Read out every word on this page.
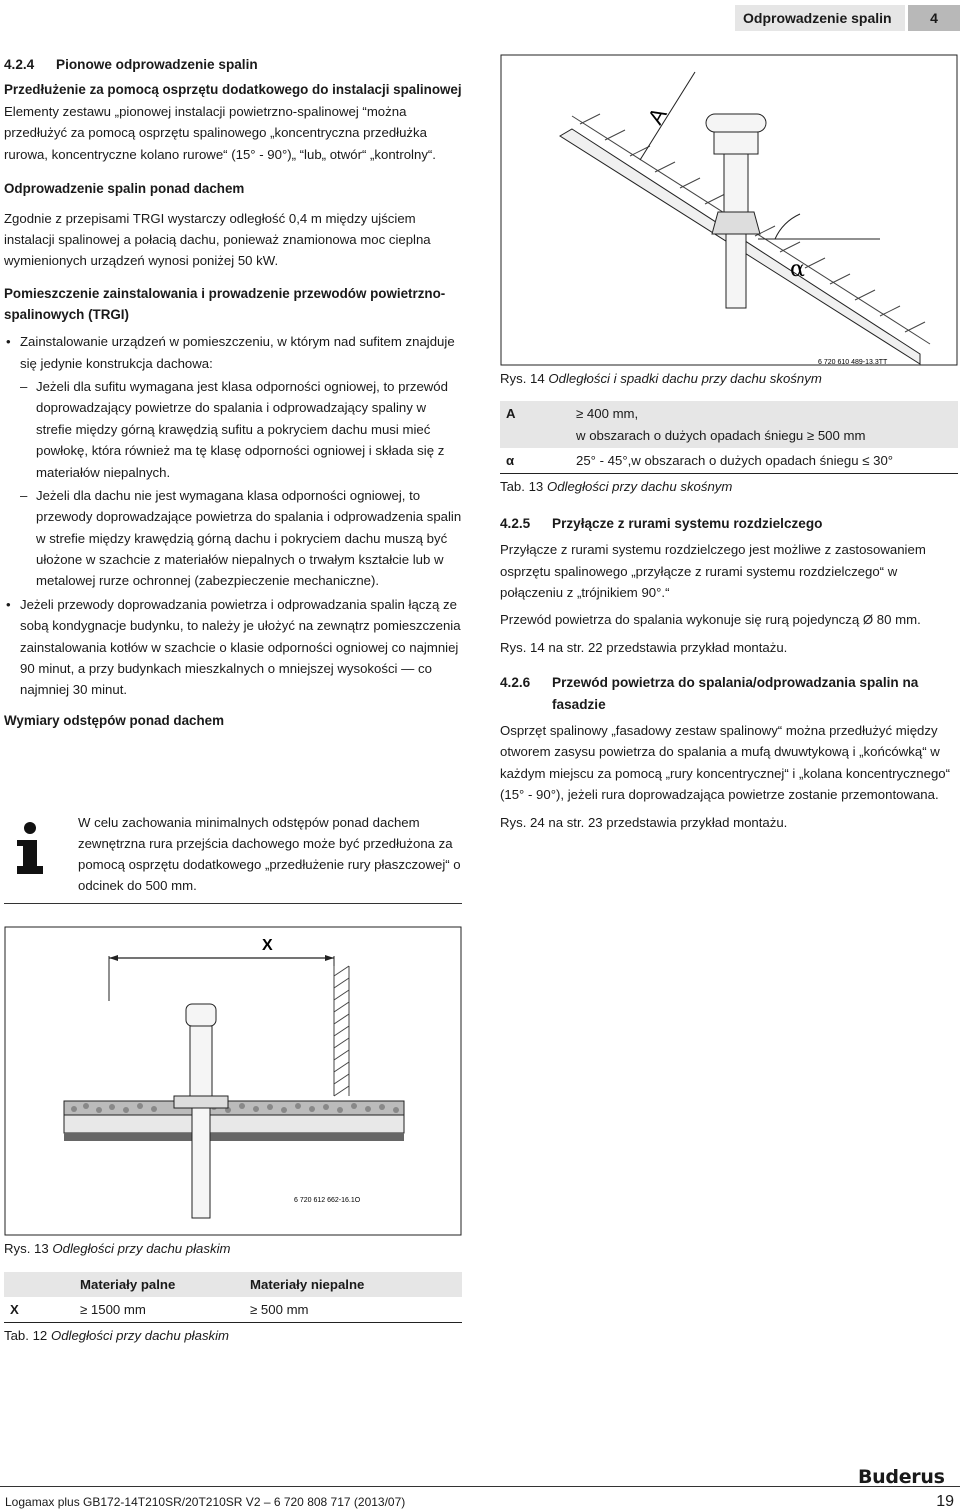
Odprowadzenie spalin	4
4.2.4 Pionowe odprowadzenie spalin
Przedłużenie za pomocą osprzętu dodatkowego do instalacji spalinowej

Elementy zestawu „pionowej instalacji powietrzno-spalinowej “można przedłużyć za pomocą osprzętu spalinowego „koncentryczna przedłużka rurowa, koncentryczne kolano rurowe“ (15° - 90°)„ “lub„ otwór“ „kontrolny“.

Odprowadzenie spalin ponad dachem

Zgodnie z przepisami TRGI wystarczy odległość 0,4 m między ujściem instalacji spalinowej a połacią dachu, ponieważ znamionowa moc cieplna wymienionych urządzeń wynosi poniżej 50 kW.

Pomieszczenie zainstalowania i prowadzenie przewodów powietrzno-spalinowych (TRGI)
• Zainstalowanie urządzeń w pomieszczeniu, w którym nad sufitem znajduje się jedynie konstrukcja dachowa:
– Jeżeli dla sufitu wymagana jest klasa odporności ogniowej, to przewód doprowadzający powietrze do spalania i odprowadzający spaliny w strefie między górną krawędzią sufitu a pokryciem dachu musi mieć powłokę, która również ma tę klasę odporności ogniowej i składa się z materiałów niepalnych.
– Jeżeli dla dachu nie jest wymagana klasa odporności ogniowej, to przewody doprowadzające powietrza do spalania i odprowadzenia spalin w strefie między krawędzią górną dachu i pokryciem dachu muszą być ułożone w szachcie z materiałów niepalnych o trwałym kształcie lub w metalowej rurze ochronnej (zabezpieczenie mechaniczne).
• Jeżeli przewody doprowadzania powietrza i odprowadzania spalin łączą ze sobą kondygnacje budynku, to należy je ułożyć na zewnątrz pomieszczenia zainstalowania kotłów w szachcie o klasie odporności ogniowej co najmniej 90 minut, a przy budynkach mieszkalnych o mniejszej wysokości — co najmniej 30 minut.
Wymiary odstępów ponad dachem
W celu zachowania minimalnych odstępów ponad dachem zewnętrzna rura przejścia dachowego może być przedłużona za pomocą osprzętu dodatkowego „przedłużenie rury płaszczowej“ o odcinek do 500 mm.
X
6 720 612 662-16.1O
Rys. 13 Odległości przy dachu płaskim
	Materiały palne	Materiały niepalne
X	≥ 1500 mm	≥ 500 mm
Tab. 12 Odległości przy dachu płaskim
A
α
6 720 610 489-13.3TT
Rys. 14 Odległości i spadki dachu przy dachu skośnym
A	≥ 400 mm,
w obszarach o dużych opadach śniegu ≥ 500 mm

α	25° - 45°,w obszarach o dużych opadach śniegu ≤ 30°
Tab. 13 Odległości przy dachu skośnym
4.2.5 Przyłącze z rurami systemu rozdzielczego

Przyłącze z rurami systemu rozdzielczego jest możliwe z zastosowaniem osprzętu spalinowego „przyłącze z rurami systemu rozdzielczego“ w połączeniu z „trójnikiem 90°.“

Przewód powietrza do spalania wykonuje się rurą pojedynczą Ø 80 mm.

Rys. 14 na str. 22 przedstawia przykład montażu.

4.2.6	Przewód powietrza do spalania/odprowadzania spalin na fasadzie

Osprzęt spalinowy „fasadowy zestaw spalinowy“ można przedłużyć między otworem zasysu powietrza do spalania a mufą dwuwtykową i „końcówką“ w każdym miejscu za pomocą „rury koncentrycznej“ i „kolana koncentrycznego“ (15° - 90°), jeżeli rura doprowadzająca powietrze zostanie przemontowana.

Rys. 24 na str. 23 przedstawia przykład montażu.

Buderus
Logamax plus GB172-14T210SR/20T210SR V2 – 6 720 808 717 (2013/07)	19
